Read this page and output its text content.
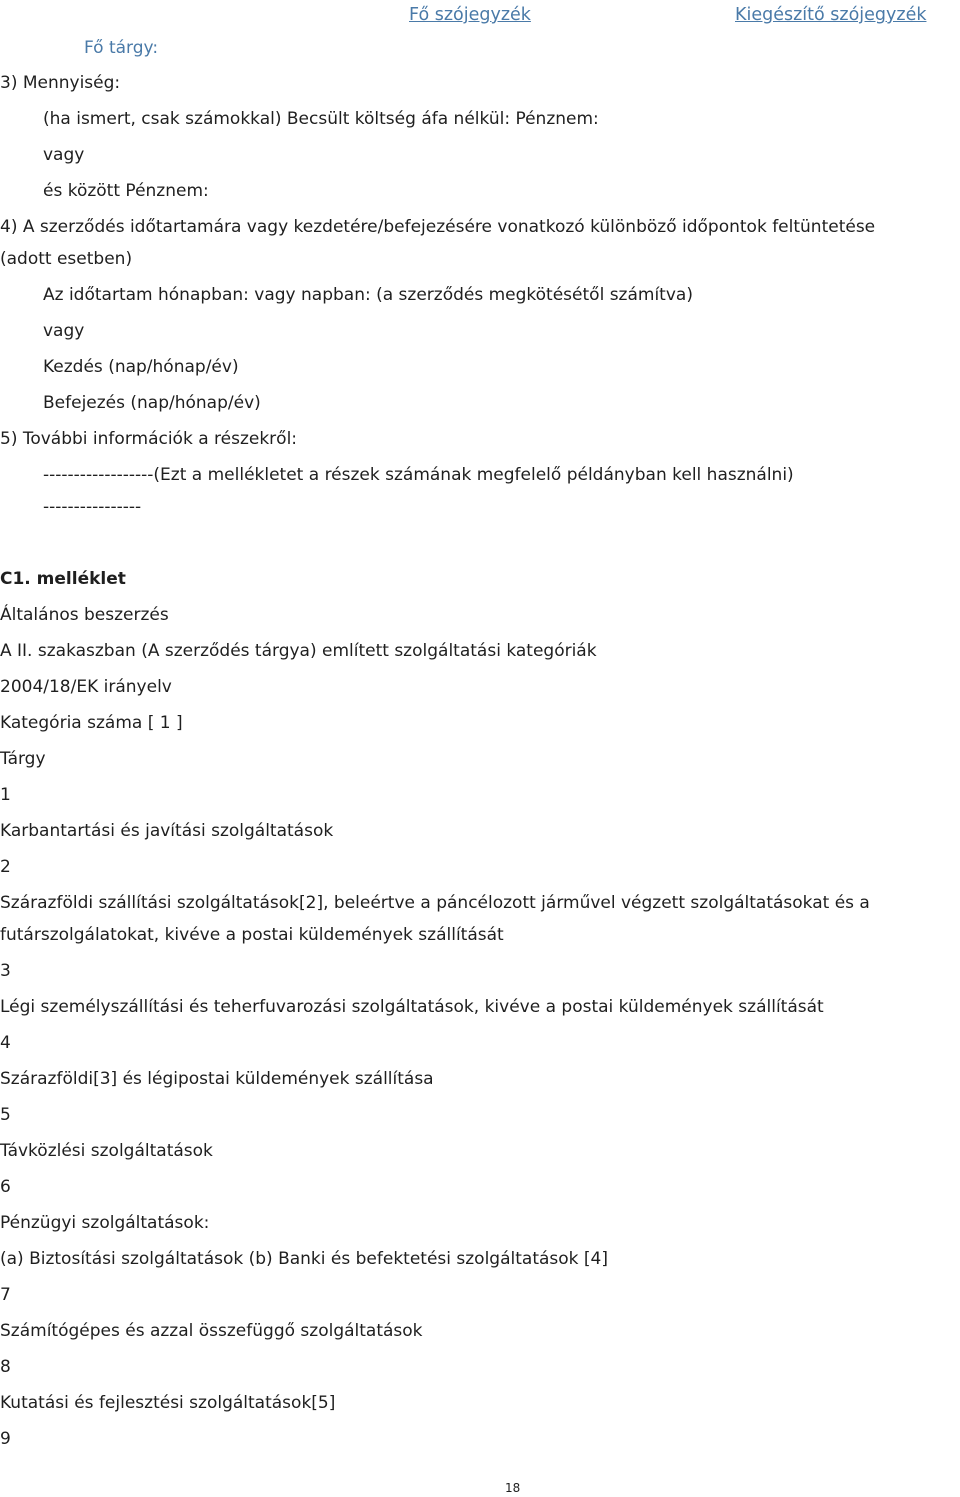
Fő szójegyzék	Kiegészítő szójegyzék
Fő tárgy:
3) Mennyiség:
(ha ismert, csak számokkal) Becsült költség áfa nélkül: Pénznem:
vagy
és között Pénznem:
4) A szerződés időtartamára vagy kezdetére/befejezésére vonatkozó különböző időpontok feltüntetése
(adott esetben)
Az időtartam hónapban: vagy napban: (a szerződés megkötésétől számítva)
vagy
Kezdés (nap/hónap/év)
Befejezés (nap/hónap/év)
5) További információk a részekről:
------------------(Ezt a mellékletet a részek számának megfelelő példányban kell használni)
----------------
C1. melléklet
Általános beszerzés
A II. szakaszban (A szerződés tárgya) említett szolgáltatási kategóriák
2004/18/EK irányelv
Kategória száma [ 1 ]
Tárgy
1
Karbantartási és javítási szolgáltatások
2
Szárazföldi szállítási szolgáltatások[2], beleértve a páncélozott járművel végzett szolgáltatásokat és a
futárszolgálatokat, kivéve a postai küldemények szállítását
3
Légi személyszállítási és teherfuvarozási szolgáltatások, kivéve a postai küldemények szállítását
4
Szárazföldi[3] és légipostai küldemények szállítása
5
Távközlési szolgáltatások
6
Pénzügyi szolgáltatások:
(a) Biztosítási szolgáltatások (b) Banki és befektetési szolgáltatások [4]
7
Számítógépes és azzal összefüggő szolgáltatások
8
Kutatási és fejlesztési szolgáltatások[5]
9
18
